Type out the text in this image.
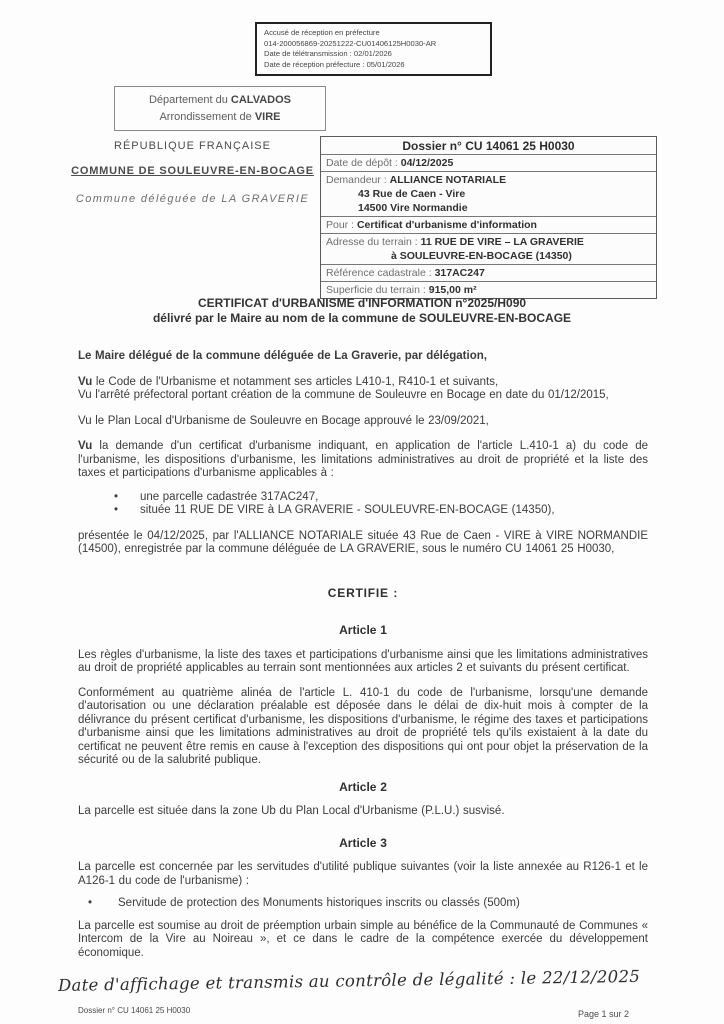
Accusé de réception en préfecture
014-200056869-20251222-CU01406125H0030-AR
Date de télétransmission : 02/01/2026
Date de réception préfecture : 05/01/2026
Département du CALVADOS
Arrondissement de VIRE
RÉPUBLIQUE FRANÇAISE
COMMUNE DE SOULEUVRE-EN-BOCAGE
Commune déléguée de LA GRAVERIE
Dossier n° CU 14061 25 H0030
Date de dépôt : 04/12/2025
Demandeur : ALLIANCE NOTARIALE
43 Rue de Caen - Vire
14500 Vire Normandie
Pour : Certificat d'urbanisme d'information
Adresse du terrain : 11 RUE DE VIRE – LA GRAVERIE
à SOULEUVRE-EN-BOCAGE (14350)
Référence cadastrale : 317AC247
Superficie du terrain : 915,00 m²
CERTIFICAT d'URBANISME d'INFORMATION n°2025/H090
délivré par le Maire au nom de la commune de SOULEUVRE-EN-BOCAGE

Le Maire délégué de la commune déléguée de La Graverie, par délégation,

Vu le Code de l'Urbanisme et notamment ses articles L410-1, R410-1 et suivants,

Vu l'arrêté préfectoral portant création de la commune de Souleuvre en Bocage en date du 01/12/2015,

Vu le Plan Local d'Urbanisme de Souleuvre en Bocage approuvé le 23/09/2021,

Vu la demande d'un certificat d'urbanisme indiquant, en application de l'article L.410-1 a) du code de l'urbanisme, les dispositions d'urbanisme, les limitations administratives au droit de propriété et la liste des taxes et participations d'urbanisme applicables à :

• une parcelle cadastrée 317AC247,
• située 11 RUE DE VIRE à LA GRAVERIE - SOULEUVRE-EN-BOCAGE (14350),

présentée le 04/12/2025, par l'ALLIANCE NOTARIALE située 43 Rue de Caen - VIRE à VIRE NORMANDIE (14500), enregistrée par la commune déléguée de LA GRAVERIE, sous le numéro CU 14061 25 H0030,

CERTIFIE :

Article 1

Les règles d'urbanisme, la liste des taxes et participations d'urbanisme ainsi que les limitations administratives au droit de propriété applicables au terrain sont mentionnées aux articles 2 et suivants du présent certificat.

Conformément au quatrième alinéa de l'article L. 410-1 du code de l'urbanisme, lorsqu'une demande d'autorisation ou une déclaration préalable est déposée dans le délai de dix-huit mois à compter de la délivrance du présent certificat d'urbanisme, les dispositions d'urbanisme, le régime des taxes et participations d'urbanisme ainsi que les limitations administratives au droit de propriété tels qu'ils existaient à la date du certificat ne peuvent être remis en cause à l'exception des dispositions qui ont pour objet la préservation de la sécurité ou de la salubrité publique.

Article 2

La parcelle est située dans la zone Ub du Plan Local d'Urbanisme (P.L.U.) susvisé.

Article 3

La parcelle est concernée par les servitudes d'utilité publique suivantes (voir la liste annexée au R126-1 et le A126-1 du code de l'urbanisme) :

• Servitude de protection des Monuments historiques inscrits ou classés (500m)

La parcelle est soumise au droit de préemption urbain simple au bénéfice de la Communauté de Communes « Intercom de la Vire au Noireau », et ce dans le cadre de la compétence exercée du développement économique.

Date d'affichage et transmis au contrôle de légalité : le 22/12/2025
Dossier n° CU 14061 25 H0030	Page 1 sur 2
